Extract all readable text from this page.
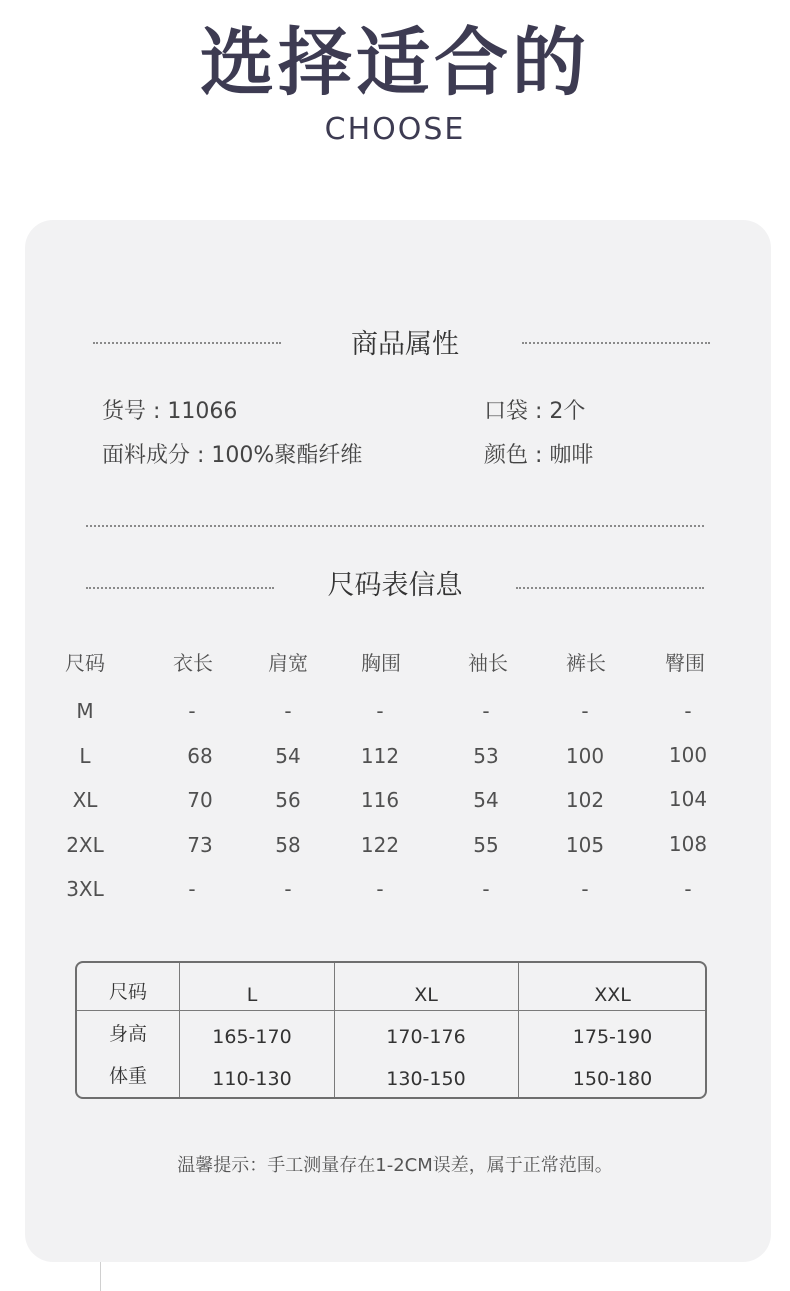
选择适合的
CHOOSE
商品属性
货号 : 11066	口袋 : 2个
面料成分 : 100%聚酯纤维	颜色 : 咖啡
尺码表信息
尺码	衣长	肩宽	胸围	袖长	裤长	臀围
M	-	-	-	-	-	-
L	68	54	112	53	100	100
XL	70	56	116	54	102	104
2XL	73	58	122	55	105	108
3XL	-	-	-	-	-	-
尺码	L	XL	XXL
身高	165-170	170-176	175-190
体重	110-130	130-150	150-180
温馨提示：手工测量存在1-2CM误差，属于正常范围。
